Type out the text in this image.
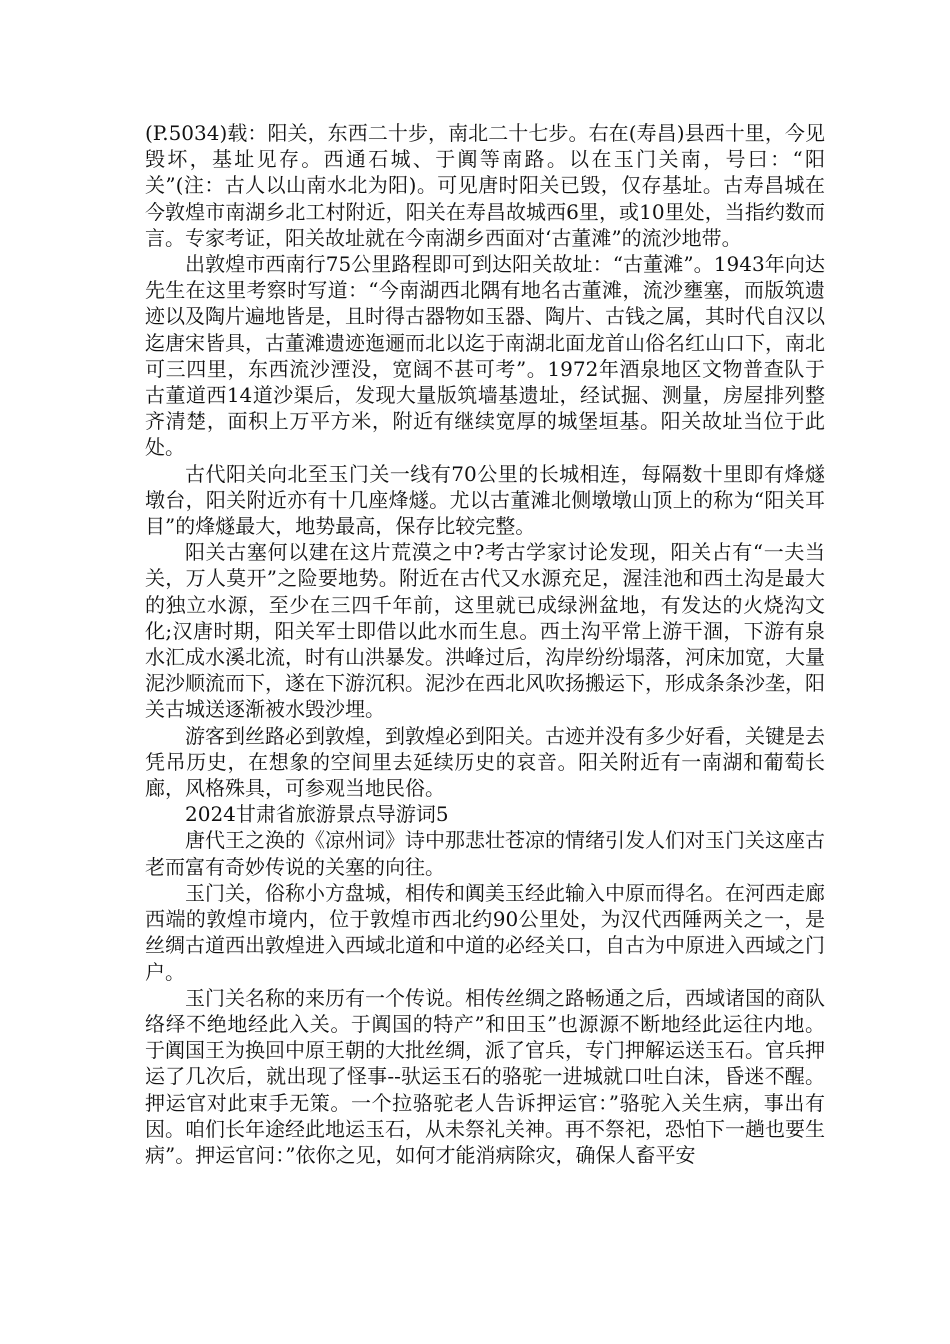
(P.5034)载：阳关，东西二十步，南北二十七步。右在(寿昌)县西十里，今见毁坏，基址见存。西通石城、于阗等南路。以在玉门关南，号曰：“阳关”(注：古人以山南水北为阳)。可见唐时阳关已毁，仅存基址。古寿昌城在今敦煌市南湖乡北工村附近，阳关在寿昌故城西6里，或10里处，当指约数而言。专家考证，阳关故址就在今南湖乡西面对‘古董滩”的流沙地带。

出敦煌市西南行75公里路程即可到达阳关故址：“古董滩”。1943年向达先生在这里考察时写道：“今南湖西北隅有地名古董滩，流沙壅塞，而版筑遗迹以及陶片遍地皆是，且时得古器物如玉器、陶片、古钱之属，其时代自汉以迄唐宋皆具，古董滩遗迹迤逦而北以迄于南湖北面龙首山俗名红山口下，南北可三四里，东西流沙湮没，宽阔不甚可考”。1972年酒泉地区文物普查队于古董道西14道沙渠后，发现大量版筑墙基遗址，经试掘、测量，房屋排列整齐清楚，面积上万平方米，附近有继续宽厚的城堡垣基。阳关故址当位于此处。

古代阳关向北至玉门关一线有70公里的长城相连，每隔数十里即有烽燧墩台，阳关附近亦有十几座烽燧。尤以古董滩北侧墩墩山顶上的称为“阳关耳目”的烽燧最大，地势最高，保存比较完整。

阳关古塞何以建在这片荒漠之中?考古学家讨论发现，阳关占有“一夫当关，万人莫开”之险要地势。附近在古代又水源充足，渥洼池和西土沟是最大的独立水源，至少在三四千年前，这里就已成绿洲盆地，有发达的火烧沟文化;汉唐时期，阳关军士即借以此水而生息。西土沟平常上游干涸，下游有泉水汇成水溪北流，时有山洪暴发。洪峰过后，沟岸纷纷塌落，河床加宽，大量泥沙顺流而下，遂在下游沉积。泥沙在西北风吹扬搬运下，形成条条沙垄，阳关古城送逐渐被水毁沙埋。

游客到丝路必到敦煌，到敦煌必到阳关。古迹并没有多少好看，关键是去凭吊历史，在想象的空间里去延续历史的哀音。阳关附近有一南湖和葡萄长廊，风格殊具，可参观当地民俗。

2024甘肃省旅游景点导游词5

唐代王之涣的《凉州词》诗中那悲壮苍凉的情绪引发人们对玉门关这座古老而富有奇妙传说的关塞的向往。

玉门关，俗称小方盘城，相传和阗美玉经此输入中原而得名。在河西走廊西端的敦煌市境内，位于敦煌市西北约90公里处，为汉代西陲两关之一，是丝绸古道西出敦煌进入西域北道和中道的必经关口，自古为中原进入西域之门户。

玉门关名称的来历有一个传说。相传丝绸之路畅通之后，西域诸国的商队络绎不绝地经此入关。于阗国的特产”和田玉”也源源不断地经此运往内地。于阗国王为换回中原王朝的大批丝绸，派了官兵，专门押解运送玉石。官兵押运了几次后，就出现了怪事--驮运玉石的骆驼一进城就口吐白沫，昏迷不醒。押运官对此束手无策。一个拉骆驼老人告诉押运官：”骆驼入关生病，事出有因。咱们长年途经此地运玉石，从未祭礼关神。再不祭祀，恐怕下一趟也要生病”。押运官问：”依你之见，如何才能消病除灾，确保人畜平安
